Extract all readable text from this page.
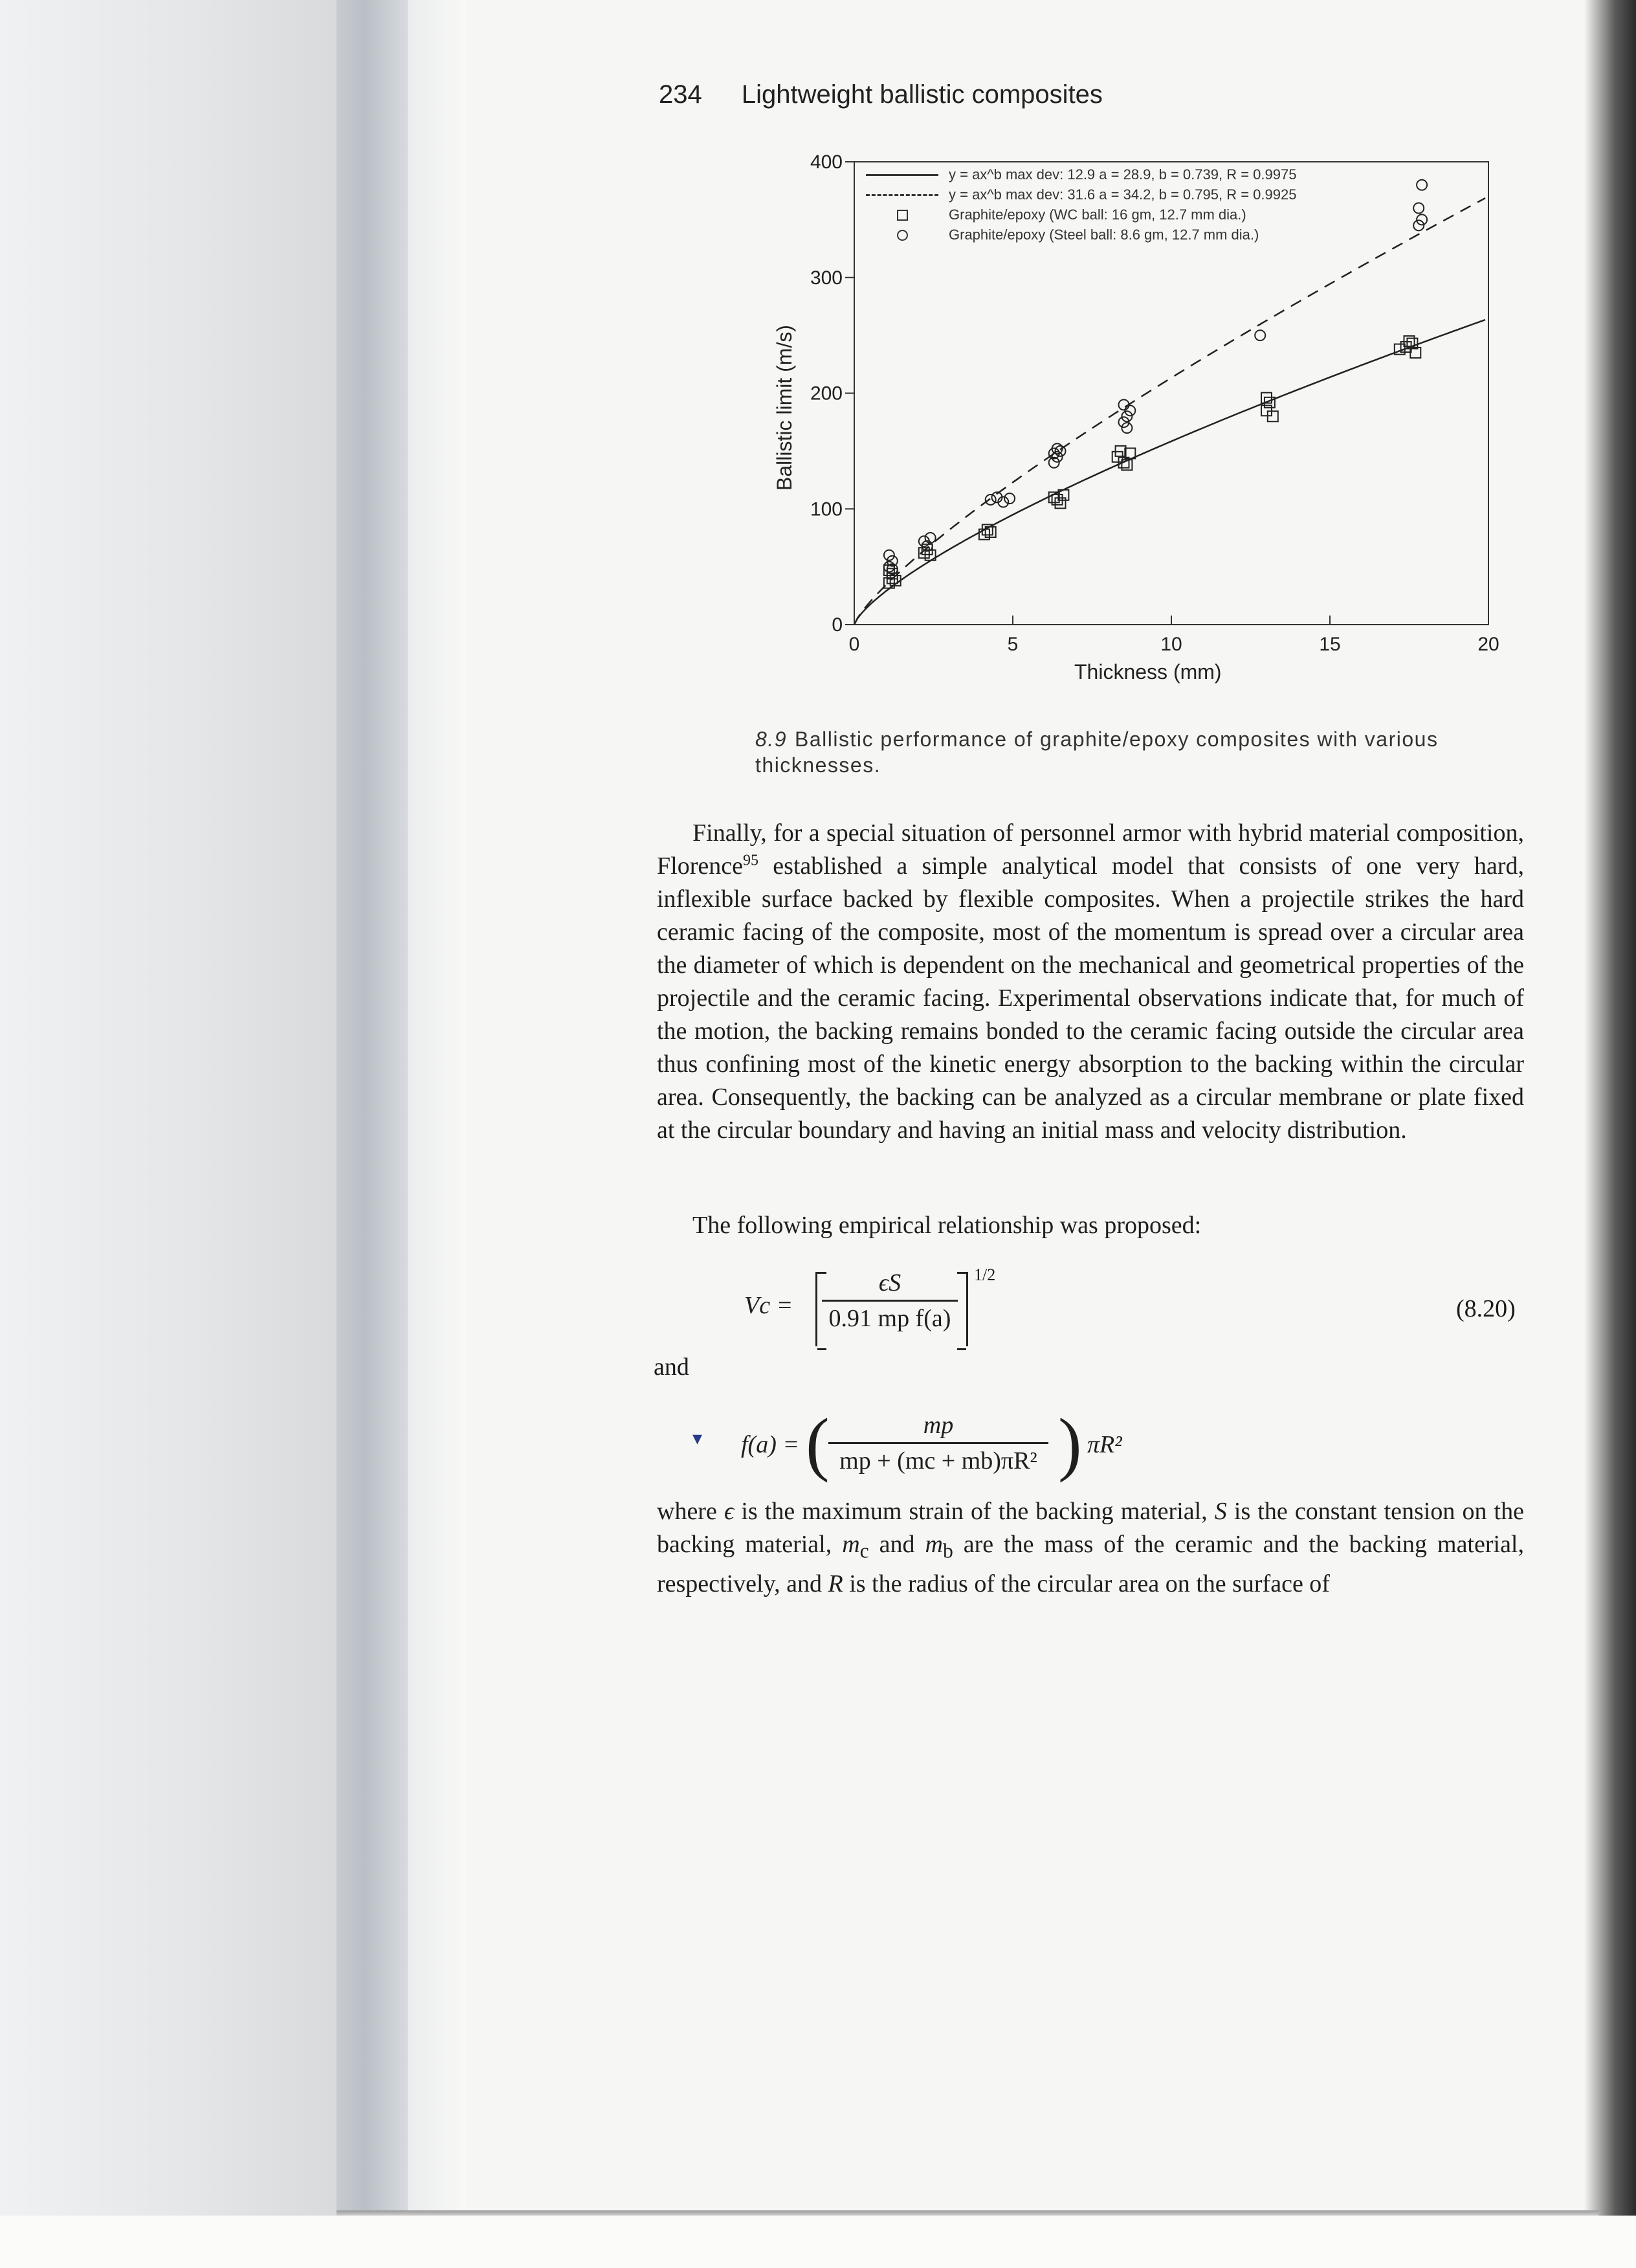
234 Lightweight ballistic composites
0	5	10	15	20
0
100
200
300
400
Ballistic limit (m/s)
Thickness (mm)
y = ax^b max dev: 12.9 a = 28.9, b = 0.739, R = 0.9975
y = ax^b max dev: 31.6 a = 34.2, b = 0.795, R = 0.9925
Graphite/epoxy (WC ball: 16 gm, 12.7 mm dia.)
Graphite/epoxy (Steel ball: 8.6 gm, 12.7 mm dia.)
8.9 Ballistic performance of graphite/epoxy composites with various thicknesses.
Finally, for a special situation of personnel armor with hybrid material composition, Florence$^{95}$ established a simple analytical model that consists of one very hard, inflexible surface backed by flexible composites. When a projectile strikes the hard ceramic facing of the composite, most of the momentum is spread over a circular area the diameter of which is dependent on the mechanical and geometrical properties of the projectile and the ceramic facing. Experimental observations indicate that, for much of the motion, the backing remains bonded to the ceramic facing outside the circular area thus confining most of the kinetic energy absorption to the backing within the circular area. Consequently, the backing can be analyzed as a circular membrane or plate fixed at the circular boundary and having an initial mass and velocity distribution.
The following empirical relationship was proposed:
Vc =
ϵS
0.91 mp f(a)
1/2
(8.20)
and
▾ f(a) = (	mp
mp + (mc + mb)πR² ) πR²
where ϵ is the maximum strain of the backing material, S is the constant tension on the backing material, $m_c$ and $m_b$ are the mass of the ceramic and the backing material, respectively, and R is the radius of the circular area on the surface of
